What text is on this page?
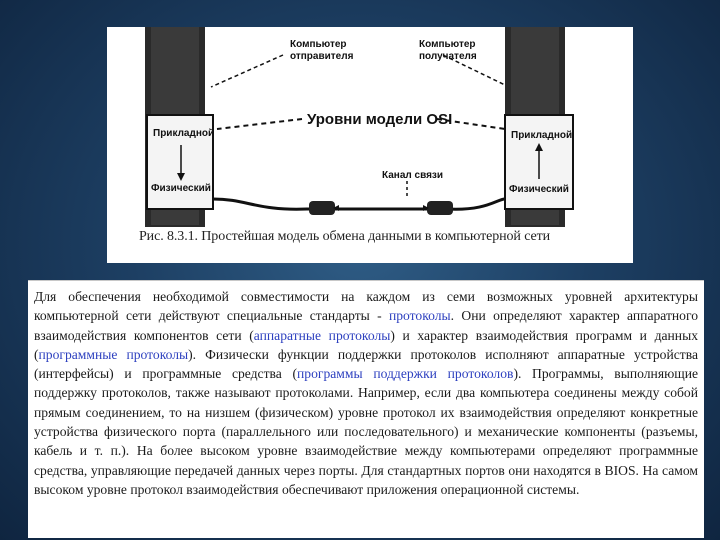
Компьютер
отправителя
Компьютер
получателя
Уровни модели OSI
Прикладной
Физический
Прикладной
Физический
Канал связи
Рис. 8.3.1. Простейшая модель обмена данными в компьютерной сети
Для обеспечения необходимой совместимости на каждом из семи возможных уровней архитектуры компьютерной сети действуют специальные стандарты - протоколы. Они определяют характер аппаратного взаимодействия компонентов сети (аппаратные протоколы) и характер взаимодействия программ и данных (программные протоколы). Физически функции поддержки протоколов исполняют аппаратные устройства (интерфейсы) и программные средства (программы поддержки протоколов). Программы, выполняющие поддержку протоколов, также называют протоколами. Например, если два компьютера соединены между собой прямым соединением, то на низшем (физическом) уровне протокол их взаимодействия определяют конкретные устройства физического порта (параллельного или последовательного) и механические компоненты (разъемы, кабель и т. п.). На более высоком уровне взаимодействие между компьютерами определяют программные средства, управляющие передачей данных через порты. Для стандартных портов они находятся в BIOS. На самом высоком уровне протокол взаимодействия обеспечивают приложения операционной системы.
